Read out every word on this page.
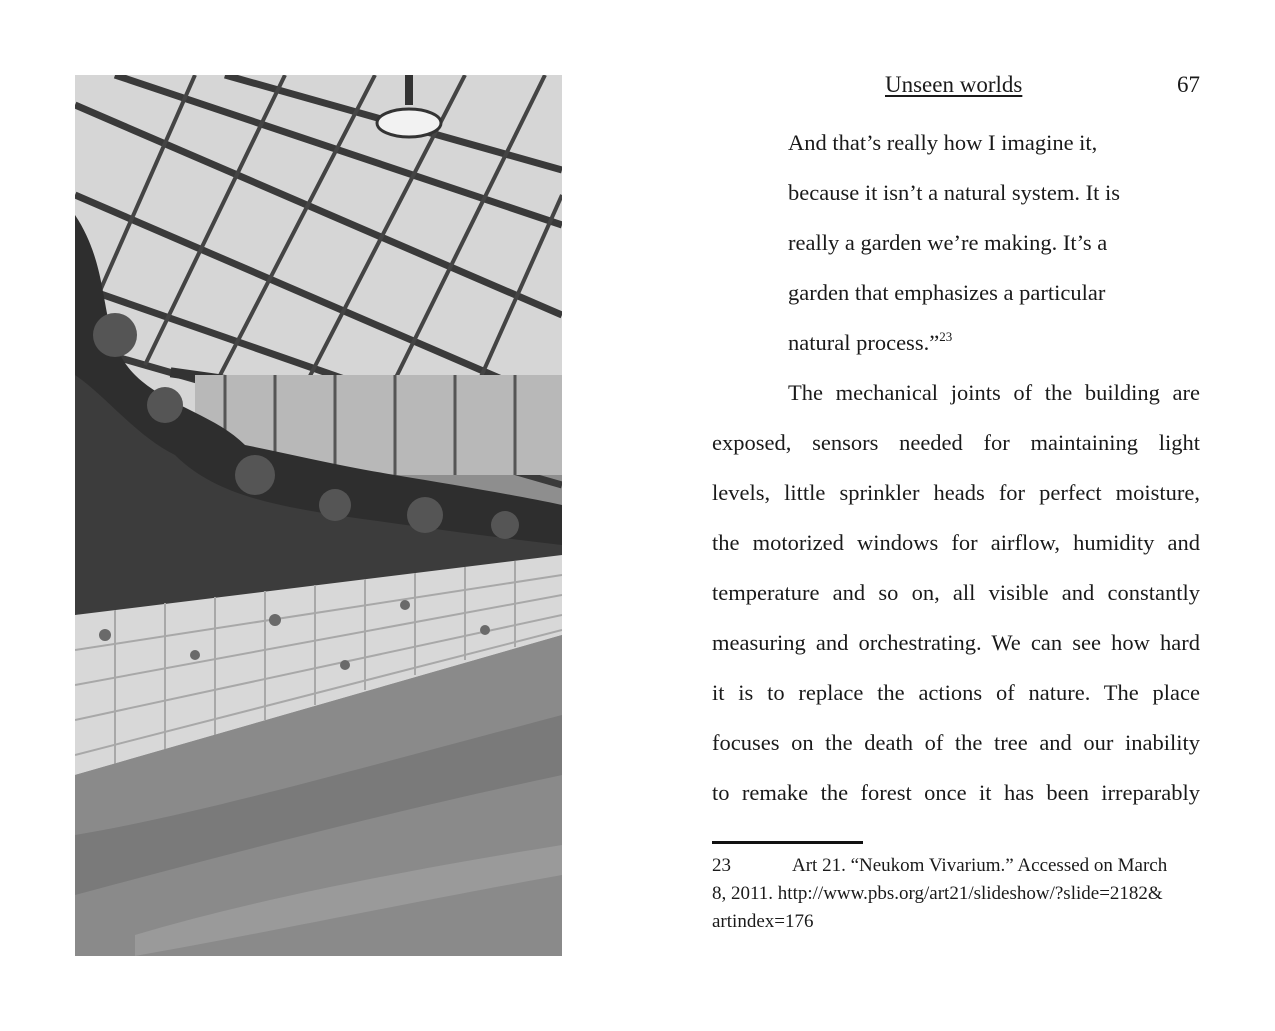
Unseen worlds	67
And that’s really how I imagine it,
because it isn’t a natural system. It is
really a garden we’re making. It’s a
garden that emphasizes a particular
natural process.”$^{23}$
The mechanical joints of the building are
exposed, sensors needed for maintaining light
levels, little sprinkler heads for perfect moisture,
the motorized windows for airflow, humidity and
temperature and so on, all visible and constantly
measuring and orchestrating. We can see how hard
it is to replace the actions of nature. The place
focuses on the death of the tree and our inability
to remake the forest once it has been irreparably
23	Art 21. “Neukom Vivarium.” Accessed on March
8, 2011. http://www.pbs.org/art21/slideshow/?slide=2182&
artindex=176
